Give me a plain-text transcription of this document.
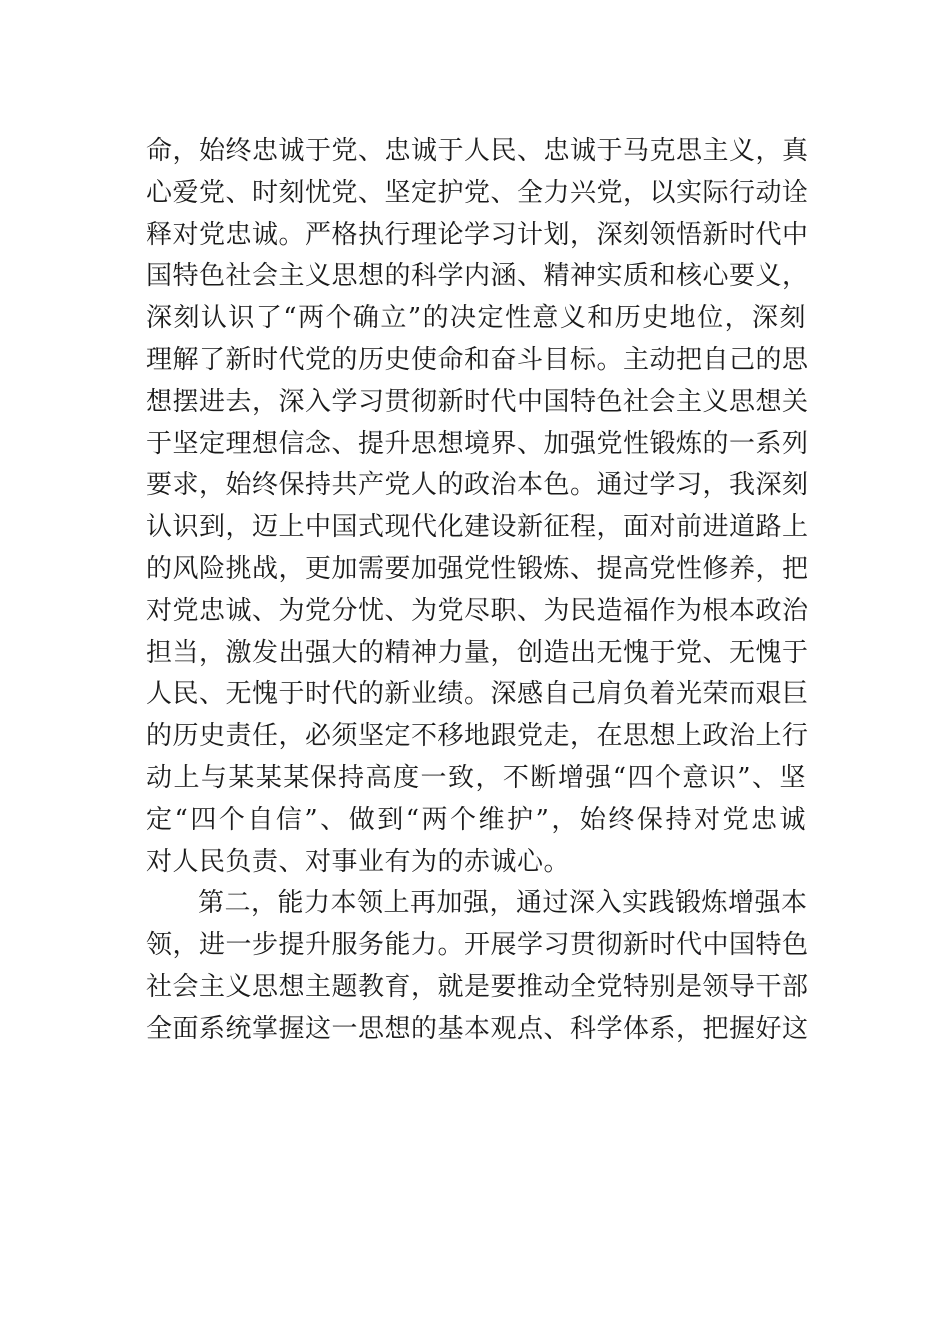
命，始终忠诚于党、忠诚于人民、忠诚于马克思主义，真
心爱党、时刻忧党、坚定护党、全力兴党，以实际行动诠
释对党忠诚。严格执行理论学习计划，深刻领悟新时代中
国特色社会主义思想的科学内涵、精神实质和核心要义，
深刻认识了“两个确立”的决定性意义和历史地位，深刻
理解了新时代党的历史使命和奋斗目标。主动把自己的思
想摆进去，深入学习贯彻新时代中国特色社会主义思想关
于坚定理想信念、提升思想境界、加强党性锻炼的一系列
要求，始终保持共产党人的政治本色。通过学习，我深刻
认识到，迈上中国式现代化建设新征程，面对前进道路上
的风险挑战，更加需要加强党性锻炼、提高党性修养，把
对党忠诚、为党分忧、为党尽职、为民造福作为根本政治
担当，激发出强大的精神力量，创造出无愧于党、无愧于
人民、无愧于时代的新业绩。深感自己肩负着光荣而艰巨
的历史责任，必须坚定不移地跟党走，在思想上政治上行
动上与某某某保持高度一致，不断增强“四个意识”、坚
定“四个自信”、做到“两个维护”，始终保持对党忠诚
对人民负责、对事业有为的赤诚心。
第二，能力本领上再加强，通过深入实践锻炼增强本
领，进一步提升服务能力。开展学习贯彻新时代中国特色
社会主义思想主题教育，就是要推动全党特别是领导干部
全面系统掌握这一思想的基本观点、科学体系，把握好这
